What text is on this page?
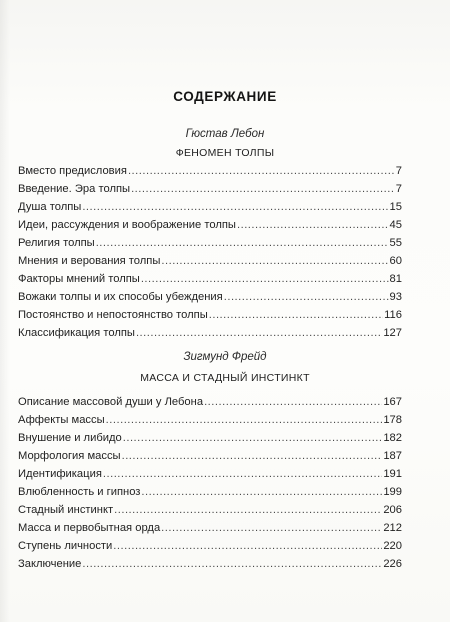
СОДЕРЖАНИЕ
Гюстав Лебон
ФЕНОМЕН ТОЛПЫ
Вместо предисловия .....	7
Введение. Эра толпы .....	7
Душа толпы .....	15
Идеи, рассуждения и воображение толпы .....	45
Религия толпы .....	55
Мнения и верования толпы .....	60
Факторы мнений толпы .....	81
Вожаки толпы и их способы убеждения .....	93
Постоянство и непостоянство толпы .....	116
Классификация толпы .....	127
Зигмунд Фрейд
МАССА И СТАДНЫЙ ИНСТИНКТ
Описание массовой души у Лебона .....	167
Аффекты массы .....	178
Внушение и либидо .....	182
Морфология массы .....	187
Идентификация .....	191
Влюбленность и гипноз .....	199
Стадный инстинкт .....	206
Масса и первобытная орда .....	212
Ступень личности .....	220
Заключение .....	226
